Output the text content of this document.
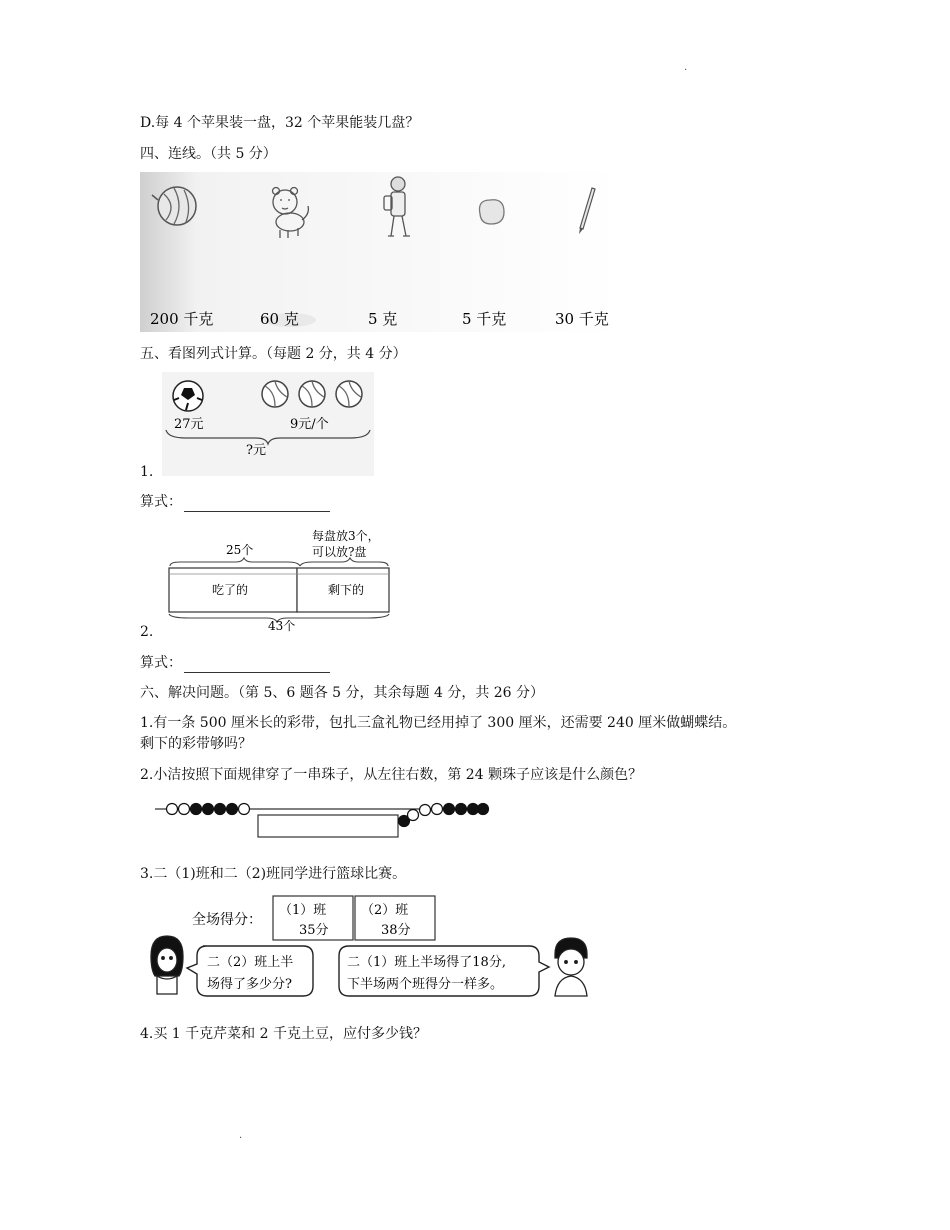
.
D.每 4 个苹果装一盘，32 个苹果能装几盘？
四、连线。（共 5 分）
200 千克	60 克	5 克	5 千克	30 千克
五、看图列式计算。（每题 2 分，共 4 分）
27元	9元/个
?元
1.
算式：
每盘放3个，
可以放?盘
25个
吃了的	剩下的
43个
2.
算式：
六、解决问题。（第 5、6 题各 5 分，其余每题 4 分，共 26 分）
1.有一条 500 厘米长的彩带，包扎三盒礼物已经用掉了 300 厘米，还需要 240 厘米做蝴蝶结。
剩下的彩带够吗？
2.小洁按照下面规律穿了一串珠子，从左往右数，第 24 颗珠子应该是什么颜色？
3.二（1)班和二（2)班同学进行篮球比赛。
全场得分：
（1）班
35分
（2）班
38分
二（2）班上半
场得了多少分?
二（1）班上半场得了18分,
下半场两个班得分一样多。
4.买 1 千克芹菜和 2 千克土豆，应付多少钱？
.
